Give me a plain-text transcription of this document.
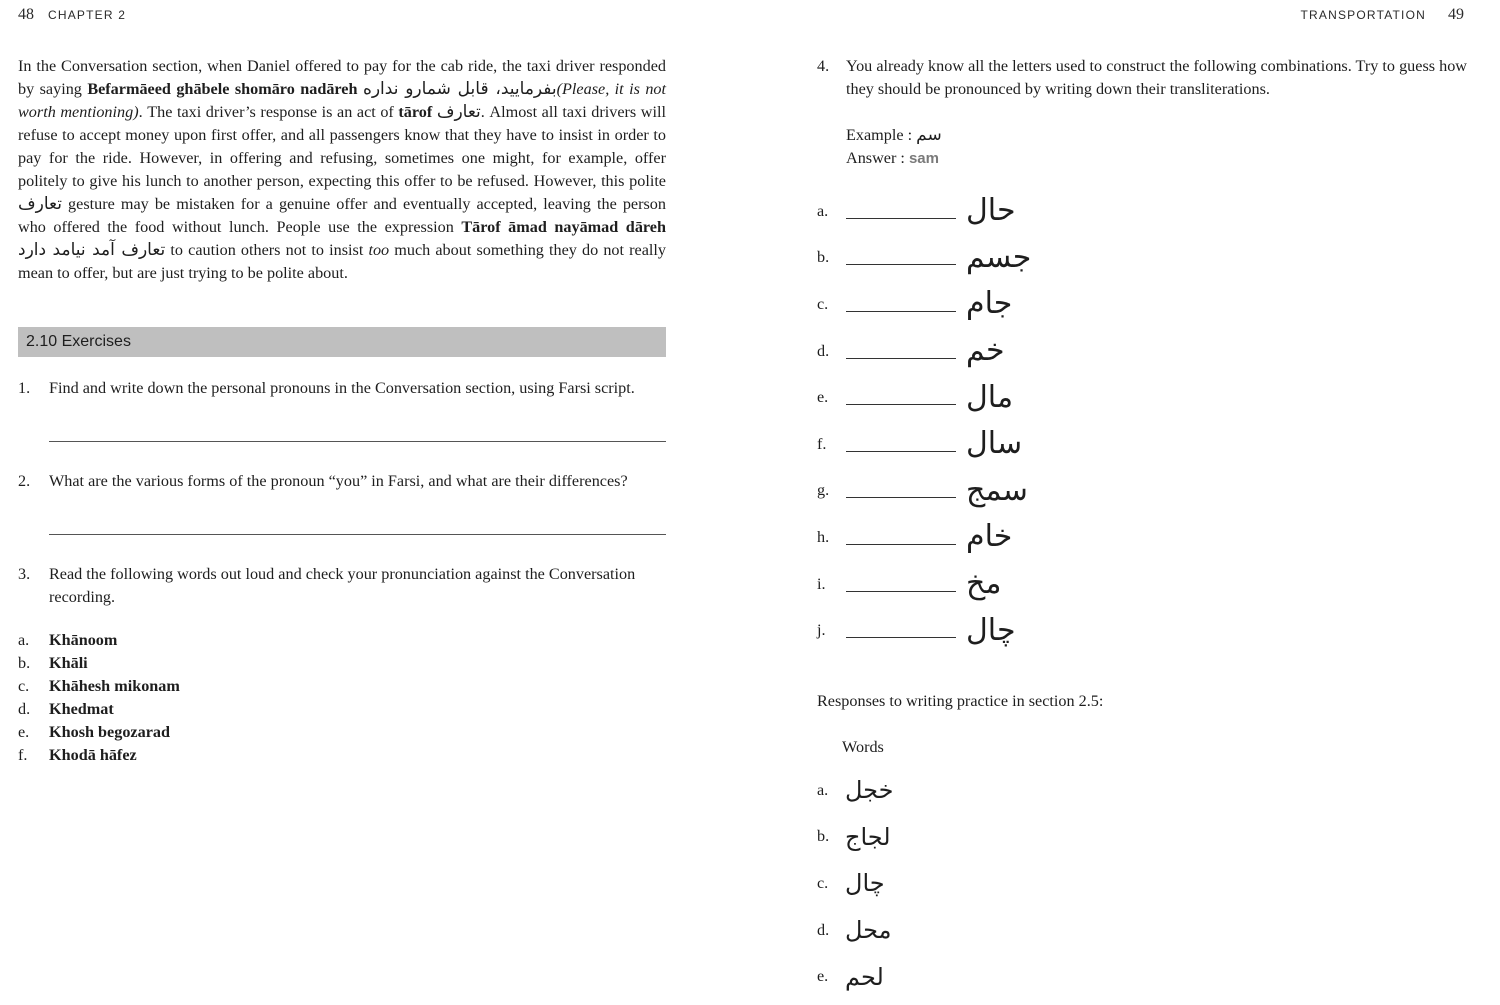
48 CHAPTER 2	TRANSPORTATION 49

In the Conversation section, when Daniel offered to pay for the cab ride, the taxi driver responded by saying Befarmāeed ghābele shomāro nadāreh بفرمایید، قابل شمارو نداره(Please, it is not worth mentioning). The taxi driver’s response is an act of tārof تعارف. Almost all taxi drivers will refuse to accept money upon first offer, and all passengers know that they have to insist in order to pay for the ride. However, in offering and refusing, sometimes one might, for example, offer politely to give his lunch to another person, expecting this offer to be refused. However, this polite تعارف gesture may be mistaken for a genuine offer and eventually accepted, leaving the person who offered the food without lunch. People use the expression Tārof āmad nayāmad dāreh تعارف آمد نیامد دارد to caution others not to insist too much about something they do not really mean to offer, but are just trying to be polite about.

2.10 Exercises
1. Find and write down the personal pronouns in the Conversation section, using Farsi script.
2. What are the various forms of the pronoun “you” in Farsi, and what are their differences?
3. Read the following words out loud and check your pronunciation against the Conversation recording.
a.	Khānoom
b.	Khāli
c.	Khāhesh mikonam
d.	Khedmat
e.	Khosh begozarad
f.	Khodā hāfez
4. You already know all the letters used to construct the following combinations. Try to guess how they should be pronounced by writing down their transliterations.
Example : سم
Answer : sam
a.	حال
b.	جسم
c.	جام
d.	خم
e.	مال
f.	سال
g.	سمج
h.	خام
i.	مخ
j.	چال
Responses to writing practice in section 2.5:
Words
a. خجل
b. لجاج
c. چال
d. محل
e. لحم
